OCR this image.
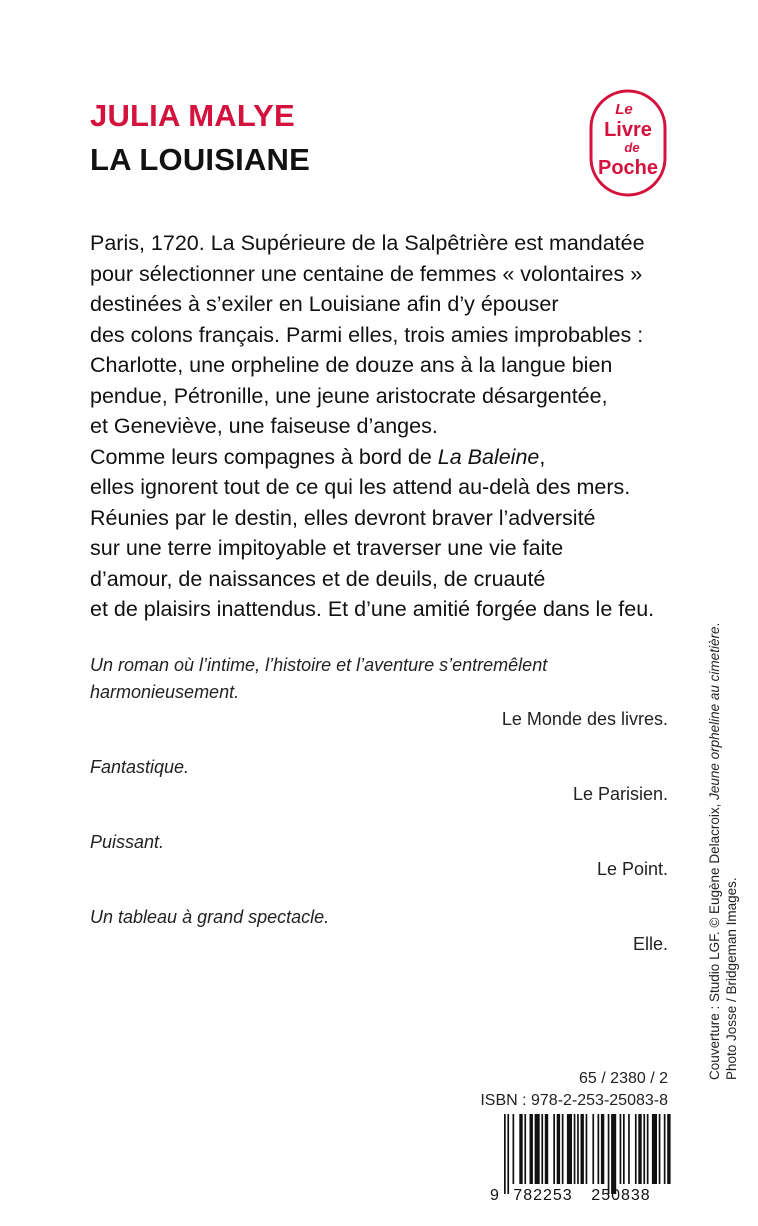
JULIA MALYE
LA LOUISIANE
Le
Livre
de
Poche
Paris, 1720. La Supérieure de la Salpêtrière est mandatée
pour sélectionner une centaine de femmes « volontaires »
destinées à s’exiler en Louisiane afin d’y épouser
des colons français. Parmi elles, trois amies improbables :
Charlotte, une orpheline de douze ans à la langue bien
pendue, Pétronille, une jeune aristocrate désargentée,
et Geneviève, une faiseuse d’anges.
Comme leurs compagnes à bord de La Baleine,
elles ignorent tout de ce qui les attend au-delà des mers.
Réunies par le destin, elles devront braver l’adversité
sur une terre impitoyable et traverser une vie faite
d’amour, de naissances et de deuils, de cruauté
et de plaisirs inattendus. Et d’une amitié forgée dans le feu.
Un roman où l’intime, l’histoire et l’aventure s’entremêlent
harmonieusement.
Le Monde des livres.
Fantastique.
Le Parisien.
Puissant.
Le Point.
Un tableau à grand spectacle.
Elle.
65 / 2380 / 2
ISBN : 978-2-253-25083-8
9 782253 250838
Couverture : Studio LGF. © Eugène Delacroix, Jeune orpheline au cimetière.
Photo Josse / Bridgeman Images.
